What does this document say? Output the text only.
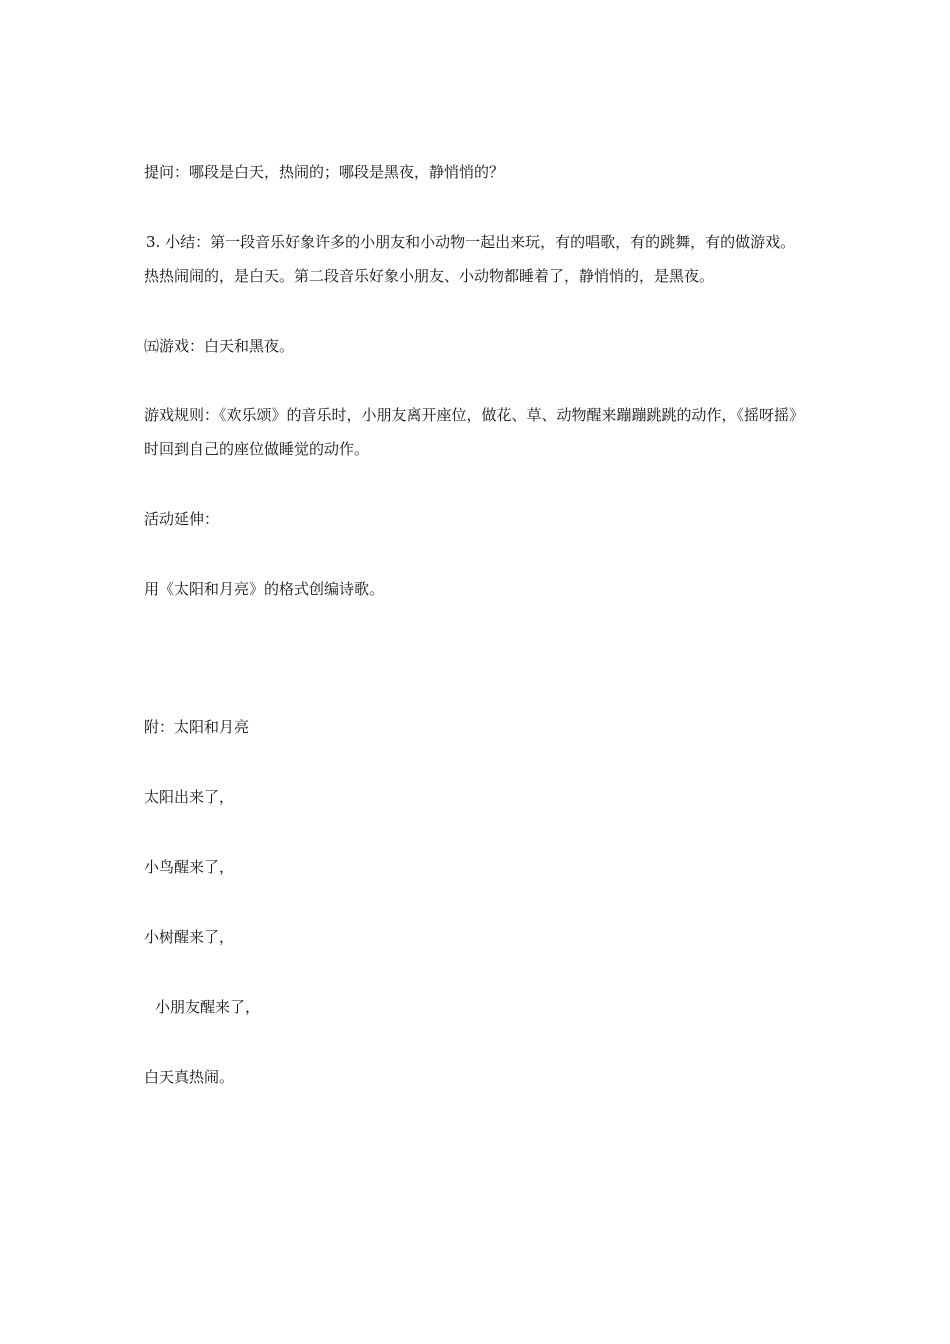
提问：哪段是白天，热闹的；哪段是黑夜，静悄悄的？
3. 小结：第一段音乐好象许多的小朋友和小动物一起出来玩，有的唱歌，有的跳舞，有的做游戏。
热热闹闹的，是白天。第二段音乐好象小朋友、小动物都睡着了，静悄悄的，是黑夜。
㈤游戏：白天和黑夜。
游戏规则：《欢乐颂》的音乐时，小朋友离开座位，做花、草、动物醒来蹦蹦跳跳的动作，《摇呀摇》
时回到自己的座位做睡觉的动作。
活动延伸：
用《太阳和月亮》的格式创编诗歌。
附：太阳和月亮
太阳出来了，
小鸟醒来了，
小树醒来了，
小朋友醒来了，
白天真热闹。
